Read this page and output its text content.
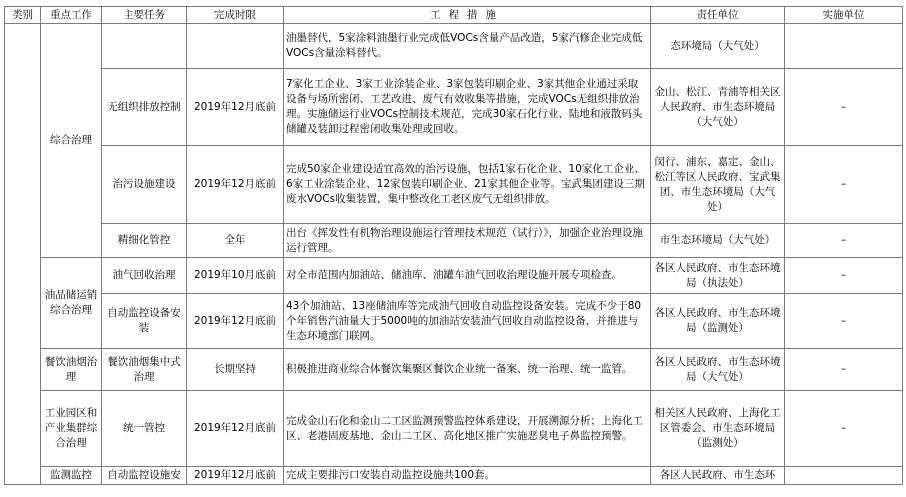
类别	重点工作	主要任务	完成时限	工程措施	责任单位	实施单位
	综合治理			油墨替代，5家涂料油墨行业完成低VOCs含量产品改造，5家汽修企业完成低VOCs含量涂料替代。	态环境局（大气处）	
		无组织排放控制	2019年12月底前	7家化工企业、3家工业涂装企业、3家包装印刷企业、3家其他企业通过采取设备与场所密闭、工艺改进、废气有效收集等措施，完成VOCs无组织排放治理。实施储运行业VOCs控制技术规范，完成30家石化行业、陆地和液散码头储罐及装卸过程密闭收集处理或回收。	金山、松江、青浦等相关区人民政府、市生态环境局（大气处）	–
		治污设施建设	2019年12月底前	完成50家企业建设适宜高效的治污设施，包括1家石化企业、10家化工企业、6家工业涂装企业、12家包装印刷企业、21家其他企业等。宝武集团建设三期废水VOCs收集装置，集中整改化工老区废气无组织排放。	闵行、浦东、嘉定、金山、松江等区人民政府、宝武集团、市生态环境局（大气处）	–
		精细化管控	全年	出台《挥发性有机物治理设施运行管理技术规范（试行）》，加强企业治理设施运行管理。	市生态环境局（大气处）	–
	油品储运销综合治理	油气回收治理	2019年10月底前	对全市范围内加油站、储油库、油罐车油气回收治理设施开展专项检查。	各区人民政府、市生态环境局（执法处）	–
		自动监控设备安装	2019年12月底前	43个加油站、13座储油库等完成油气回收自动监控设备安装。完成不少于80个年销售汽油量大于5000吨的加油站安装油气回收自动监控设备，并推进与生态环境部门联网。	各区人民政府、市生态环境局（监测处）	–
	餐饮油烟治理	餐饮油烟集中式治理	长期坚持	积极推进商业综合体餐饮集聚区餐饮企业统一备案、统一治理、统一监管。	各区人民政府、市生态环境局（大气处）	–
	工业园区和产业集群综合治理	统一管控	2019年12月底前	完成金山石化和金山二工区监测预警监控体系建设，开展溯源分析；上海化工区、老港固废基地、金山二工区、高化地区推广实施恶臭电子鼻监控预警。	相关区人民政府、上海化工区管委会、市生态环境局（监测处）	–
	监测监控	自动监控设施安	2019年12月底前	完成主要排污口安装自动监控设施共100套。	各区人民政府、市生态环	
